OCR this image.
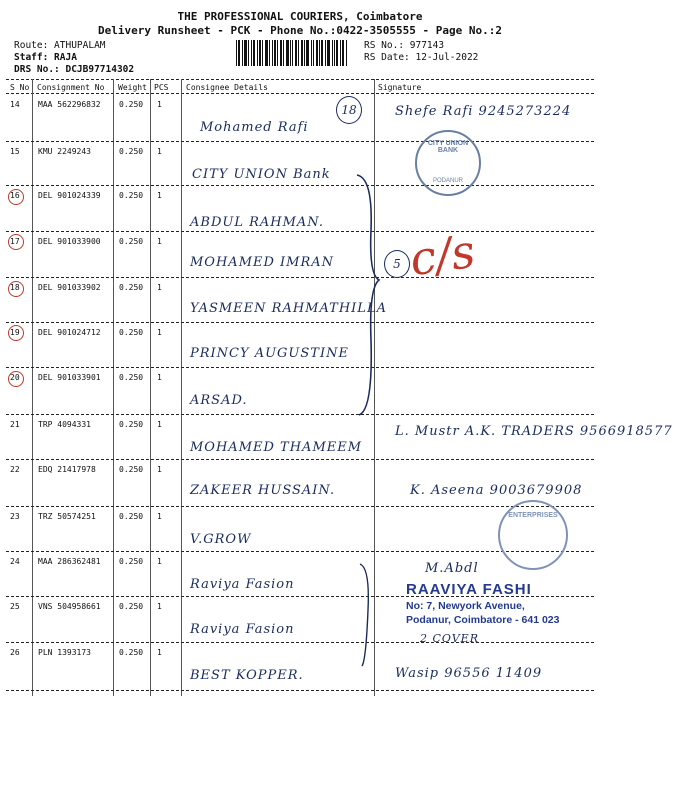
THE PROFESSIONAL COURIERS, Coimbatore
Delivery Runsheet - PCK - Phone No.:0422-3505555 - Page No.:2
Route: ATHUPALAM
Staff: RAJA
DRS No.: DCJB97714302
RS No.: 977143
RS Date: 12-Jul-2022
S No Consignment No Weight PCS Consignee Details	Signature
14 MAA 562296832 0.250 1
Mohamed Rafi
Shefe Rafi 9245273224
15 KMU 2249243	0.250 1
CITY UNION Bank
16 DEL 901024339 0.250 1
ABDUL RAHMAN.
17 DEL 901033900 0.250 1
MOHAMED IMRAN
18 DEL 901033902 0.250 1
YASMEEN RAHMATHILLA
19 DEL 901024712 0.250 1
PRINCY AUGUSTINE
20 DEL 901033901 0.250 1
ARSAD.
21 TRP 4094331	0.250 1
MOHAMED THAMEEM
L. Mustr A.K. TRADERS 9566918577
22 EDQ 21417978	0.250 1
ZAKEER HUSSAIN.	K. Aseena 9003679908
23 TRZ 50574251	0.250 1
V.GROW
24 MAA 286362481 0.250 1
Raviya Fasion
M.Abdl
25 VNS 504958661 0.250 1
Raviya Fasion
2 COVER
26 PLN 1393173	0.250 1
BEST KOPPER.	Wasip 96556 11409
18
5 c/s
CITY UNION BANK
PODANUR
ENTERPRISES
RAAVIYA FASHI
No: 7, Newyork Avenue,
Podanur, Coimbatore - 641 023
